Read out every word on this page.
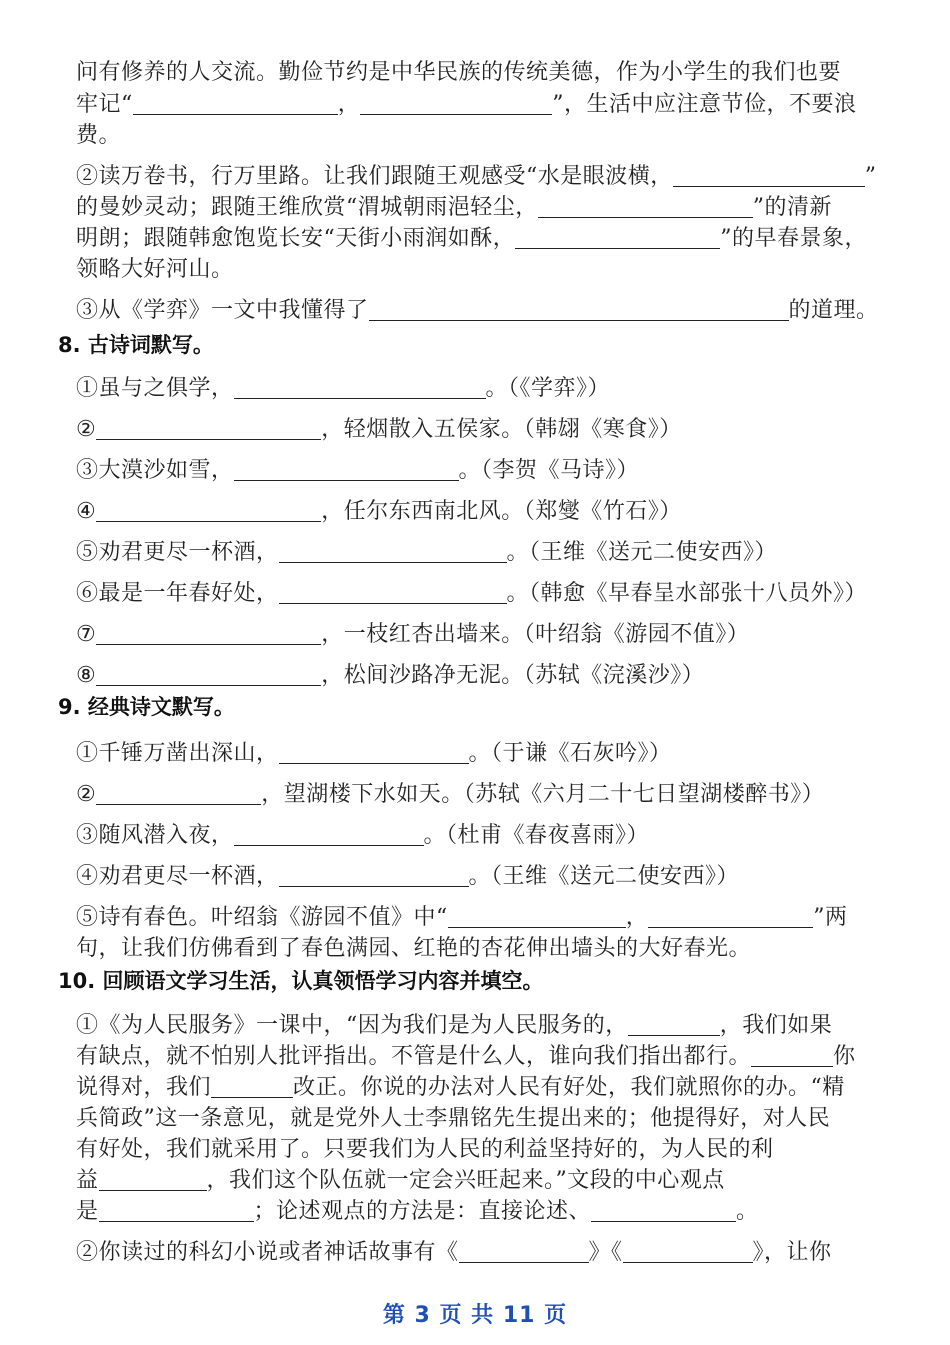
问有修养的人交流。勤俭节约是中华民族的传统美德，作为小学生的我们也要
牢记“	，	”，生活中应注意节俭，不要浪
费。
②读万卷书，行万里路。让我们跟随王观感受“水是眼波横，	”
的曼妙灵动；跟随王维欣赏“渭城朝雨浥轻尘，	”的清新
明朗；跟随韩愈饱览长安“天街小雨润如酥，	”的早春景象，
领略大好河山。
③从《学弈》一文中我懂得了	的道理。
8. 古诗词默写。
①虽与之俱学，	。（《学弈》）
②	，轻烟散入五侯家。（韩翃《寒食》）
③大漠沙如雪，	。（李贺《马诗》）
④	，任尔东西南北风。（郑燮《竹石》）
⑤劝君更尽一杯酒，	。（王维《送元二使安西》）
⑥最是一年春好处，	。（韩愈《早春呈水部张十八员外》）
⑦	，一枝红杏出墙来。（叶绍翁《游园不值》）
⑧	，松间沙路净无泥。（苏轼《浣溪沙》）
9. 经典诗文默写。
①千锤万凿出深山，	。（于谦《石灰吟》）
②	，望湖楼下水如天。（苏轼《六月二十七日望湖楼醉书》）
③随风潜入夜，	。（杜甫《春夜喜雨》）
④劝君更尽一杯酒，	。（王维《送元二使安西》）
⑤诗有春色。叶绍翁《游园不值》中“	，	”两
句，让我们仿佛看到了春色满园、红艳的杏花伸出墙头的大好春光。
10. 回顾语文学习生活，认真领悟学习内容并填空。
①《为人民服务》一课中，“因为我们是为人民服务的，	，我们如果
有缺点，就不怕别人批评指出。不管是什么人，谁向我们指出都行。	你
说得对，我们	改正。你说的办法对人民有好处，我们就照你的办。“精
兵简政”这一条意见，就是党外人士李鼎铭先生提出来的；他提得好，对人民
有好处，我们就采用了。只要我们为人民的利益坚持好的，为人民的利
益	，我们这个队伍就一定会兴旺起来。”文段的中心观点
是	；论述观点的方法是：直接论述、	。
②你读过的科幻小说或者神话故事有《	》《	》，让你
第 3 页 共 11 页
